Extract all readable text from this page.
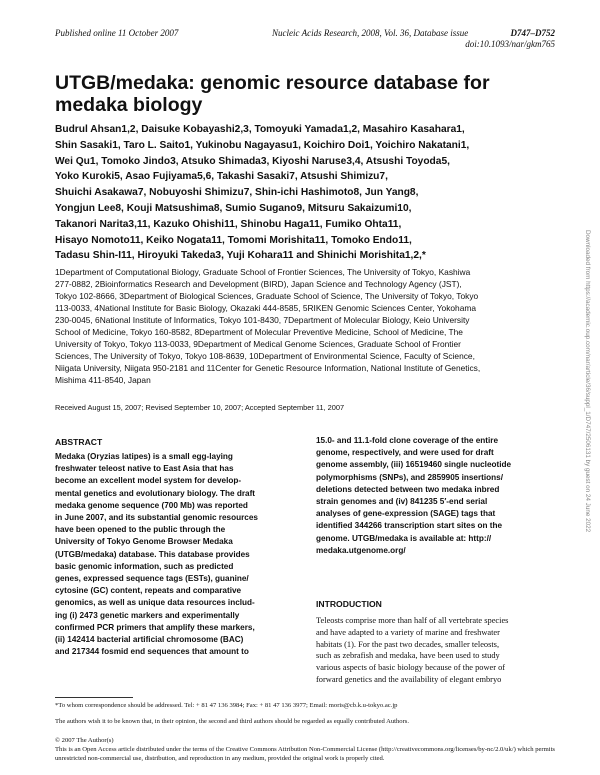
Published online 11 October 2007	Nucleic Acids Research, 2008, Vol. 36, Database issue	D747–D752
doi:10.1093/nar/gkm765
UTGB/medaka: genomic resource database for medaka biology
Budrul Ahsan1,2, Daisuke Kobayashi2,3, Tomoyuki Yamada1,2, Masahiro Kasahara1,
Shin Sasaki1, Taro L. Saito1, Yukinobu Nagayasu1, Koichiro Doi1, Yoichiro Nakatani1,
Wei Qu1, Tomoko Jindo3, Atsuko Shimada3, Kiyoshi Naruse3,4, Atsushi Toyoda5,
Yoko Kuroki5, Asao Fujiyama5,6, Takashi Sasaki7, Atsushi Shimizu7,
Shuichi Asakawa7, Nobuyoshi Shimizu7, Shin-ichi Hashimoto8, Jun Yang8,
Yongjun Lee8, Kouji Matsushima8, Sumio Sugano9, Mitsuru Sakaizumi10,
Takanori Narita3,11, Kazuko Ohishi11, Shinobu Haga11, Fumiko Ohta11,
Hisayo Nomoto11, Keiko Nogata11, Tomomi Morishita11, Tomoko Endo11,
Tadasu Shin-I11, Hiroyuki Takeda3, Yuji Kohara11 and Shinichi Morishita1,2,*
1Department of Computational Biology, Graduate School of Frontier Sciences, The University of Tokyo, Kashiwa
277-0882, 2Bioinformatics Research and Development (BIRD), Japan Science and Technology Agency (JST),
Tokyo 102-8666, 3Department of Biological Sciences, Graduate School of Science, The University of Tokyo, Tokyo
113-0033, 4National Institute for Basic Biology, Okazaki 444-8585, 5RIKEN Genomic Sciences Center, Yokohama
230-0045, 6National Institute of Informatics, Tokyo 101-8430, 7Department of Molecular Biology, Keio University
School of Medicine, Tokyo 160-8582, 8Department of Molecular Preventive Medicine, School of Medicine, The
University of Tokyo, Tokyo 113-0033, 9Department of Medical Genome Sciences, Graduate School of Frontier
Sciences, The University of Tokyo, Tokyo 108-8639, 10Department of Environmental Science, Faculty of Science,
Niigata University, Niigata 950-2181 and 11Center for Genetic Resource Information, National Institute of Genetics,
Mishima 411-8540, Japan
Received August 15, 2007; Revised September 10, 2007; Accepted September 11, 2007
ABSTRACT
Medaka (Oryzias latipes) is a small egg-laying
freshwater teleost native to East Asia that has
become an excellent model system for develop-
mental genetics and evolutionary biology. The draft
medaka genome sequence (700 Mb) was reported
in June 2007, and its substantial genomic resources
have been opened to the public through the
University of Tokyo Genome Browser Medaka
(UTGB/medaka) database. This database provides
basic genomic information, such as predicted
genes, expressed sequence tags (ESTs), guanine/
cytosine (GC) content, repeats and comparative
genomics, as well as unique data resources includ-
ing (i) 2473 genetic markers and experimentally
confirmed PCR primers that amplify these markers,
(ii) 142414 bacterial artificial chromosome (BAC)
and 217344 fosmid end sequences that amount to
15.0- and 11.1-fold clone coverage of the entire
genome, respectively, and were used for draft
genome assembly, (iii) 16519460 single nucleotide
polymorphisms (SNPs), and 2859905 insertions/
deletions detected between two medaka inbred
strain genomes and (iv) 841235 5′-end serial
analyses of gene-expression (SAGE) tags that
identified 344266 transcription start sites on the
genome. UTGB/medaka is available at: http://
medaka.utgenome.org/
INTRODUCTION
Teleosts comprise more than half of all vertebrate species
and have adapted to a variety of marine and freshwater
habitats (1). For the past two decades, smaller teleosts,
such as zebrafish and medaka, have been used to study
various aspects of basic biology because of the power of
forward genetics and the availability of elegant embryo
*To whom correspondence should be addressed. Tel: + 81 47 136 3984; Fax: + 81 47 136 3977; Email: moris@cb.k.u-tokyo.ac.jp
The authors wish it to be known that, in their opinion, the second and third authors should be regarded as equally contributed Authors.
© 2007 The Author(s)
This is an Open Access article distributed under the terms of the Creative Commons Attribution Non-Commercial License (http://creativecommons.org/licenses/by-nc/2.0/uk/) which permits unrestricted non-commercial use, distribution, and reproduction in any medium, provided the original work is properly cited.
Downloaded from https://academic.oup.com/nar/article/36/suppl_1/D747/2506131 by guest on 24 June 2022
